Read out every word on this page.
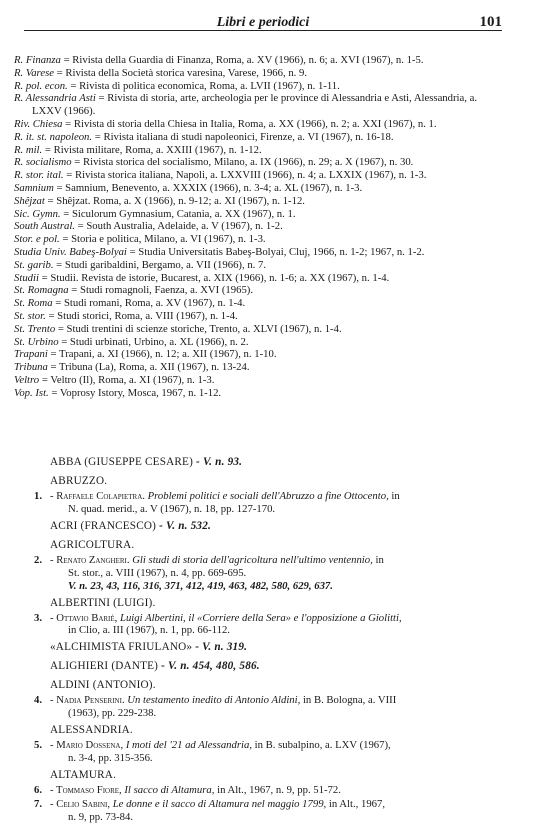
Libri e periodici	101
R. Finanza = Rivista della Guardia di Finanza, Roma, a. XV (1966), n. 6; a. XVI (1967), n. 1-5.
R. Varese = Rivista della Società storica varesina, Varese, 1966, n. 9.
R. pol. econ. = Rivista di politica economica, Roma, a. LVII (1967), n. 1-11.
R. Alessandria Asti = Rivista di storia, arte, archeologia per le province di Alessandria e Asti, Alessandria, a. LXXV (1966).
Riv. Chiesa = Rivista di storia della Chiesa in Italia, Roma, a. XX (1966), n. 2; a. XXI (1967), n. 1.
R. it. st. napoleon. = Rivista italiana di studi napoleonici, Firenze, a. VI (1967), n. 16-18.
R. mil. = Rivista militare, Roma, a. XXIII (1967), n. 1-12.
R. socialismo = Rivista storica del socialismo, Milano, a. IX (1966), n. 29; a. X (1967), n. 30.
R. stor. ital. = Rivista storica italiana, Napoli, a. LXXVIII (1966), n. 4; a. LXXIX (1967), n. 1-3.
Samnium = Samnium, Benevento, a. XXXIX (1966), n. 3-4; a. XL (1967), n. 1-3.
Shêjzat = Shêjzat. Roma, a. X (1966), n. 9-12; a. XI (1967), n. 1-12.
Sic. Gymn. = Siculorum Gymnasium, Catania, a. XX (1967), n. 1.
South Austral. = South Australia, Adelaide, a. V (1967), n. 1-2.
Stor. e pol. = Storia e politica, Milano, a. VI (1967), n. 1-3.
Studia Univ. Babeş-Bolyai = Studia Universitatis Babeş-Bolyai, Cluj, 1966, n. 1-2; 1967, n. 1-2.
St. garib. = Studi garibaldini, Bergamo, a. VII (1966), n. 7.
Studii = Studii. Revista de istorie, Bucarest, a. XIX (1966), n. 1-6; a. XX (1967), n. 1-4.
St. Romagna = Studi romagnoli, Faenza, a. XVI (1965).
St. Roma = Studi romani, Roma, a. XV (1967), n. 1-4.
St. stor. = Studi storici, Roma, a. VIII (1967), n. 1-4.
St. Trento = Studi trentini di scienze storiche, Trento, a. XLVI (1967), n. 1-4.
St. Urbino = Studi urbinati, Urbino, a. XL (1966), n. 2.
Trapani = Trapani, a. XI (1966), n. 12; a. XII (1967), n. 1-10.
Tribuna = Tribuna (La), Roma, a. XII (1967), n. 13-24.
Veltro = Veltro (Il), Roma, a. XI (1967), n. 1-3.
Vop. Ist. = Voprosy Istory, Mosca, 1967, n. 1-12.
ABBA (GIUSEPPE CESARE) - V. n. 93.
ABRUZZO.
1. - Raffaele Colapietra. Problemi politici e sociali dell'Abruzzo a fine Ottocento, in
N. quad. merid., a. V (1967), n. 18, pp. 127-170.
ACRI (FRANCESCO) - V. n. 532.
AGRICOLTURA.
2. - Renato Zangheri. Gli studi di storia dell'agricoltura nell'ultimo ventennio, in
St. stor., a. VIII (1967), n. 4, pp. 669-695.
V. n. 23, 43, 116, 316, 371, 412, 419, 463, 482, 580, 629, 637.
ALBERTINI (LUIGI).
3. - Ottavio Barié, Luigi Albertini, il «Corriere della Sera» e l'opposizione a Giolitti,
in Clio, a. III (1967), n. 1, pp. 66-112.
«ALCHIMISTA FRIULANO» - V. n. 319.
ALIGHIERI (DANTE) - V. n. 454, 480, 586.
ALDINI (ANTONIO).
4. - Nadia Penserini. Un testamento inedito di Antonio Aldini, in B. Bologna, a. VIII
(1963), pp. 229-238.
ALESSANDRIA.
5. - Mario Dossena, I moti del '21 ad Alessandria, in B. subalpino, a. LXV (1967),
n. 3-4, pp. 315-356.
ALTAMURA.
6. - Tommaso Fiore, Il sacco di Altamura, in Alt., 1967, n. 9, pp. 51-72.
7. - Celio Sabini, Le donne e il sacco di Altamura nel maggio 1799, in Alt., 1967,
n. 9, pp. 73-84.
